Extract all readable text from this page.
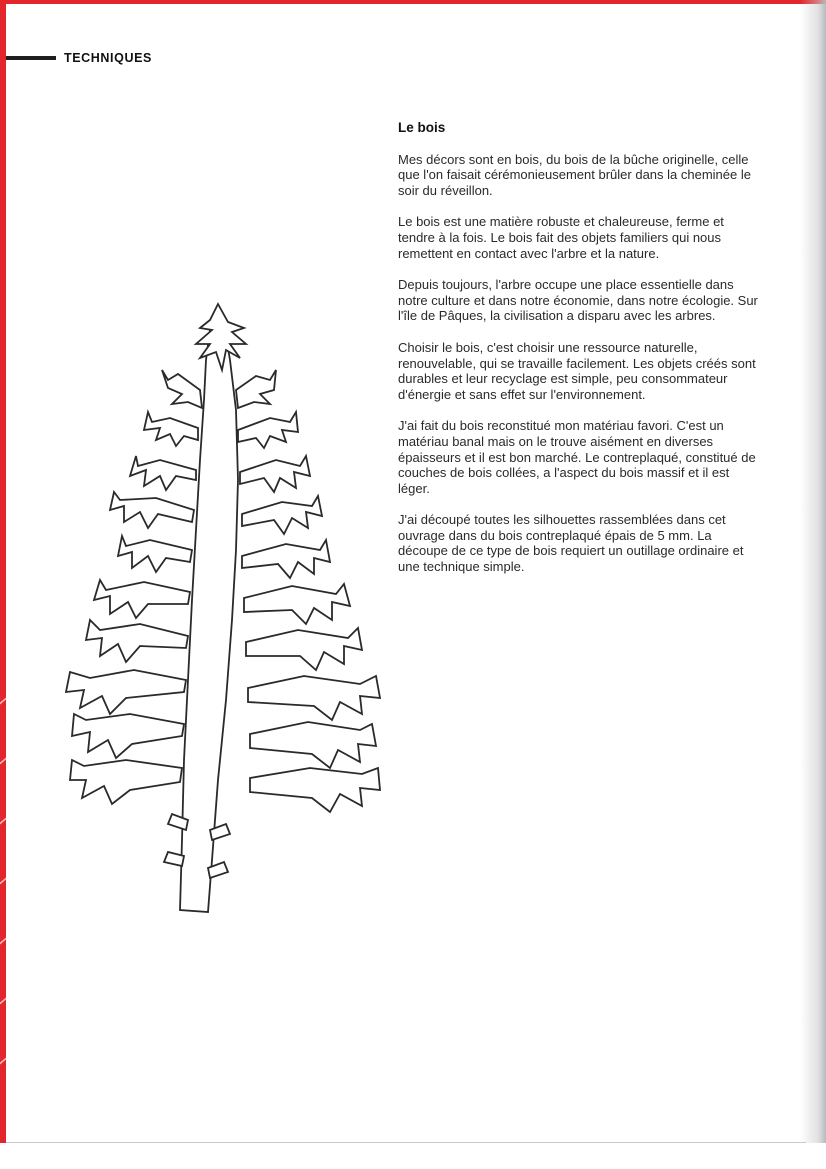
TECHNIQUES
Le bois

Mes décors sont en bois, du bois de la bûche originelle, celle que l'on faisait cérémonieusement brûler dans la cheminée le soir du réveillon.

Le bois est une matière robuste et chaleureuse, ferme et tendre à la fois. Le bois fait des objets familiers qui nous remettent en contact avec l'arbre et la nature.

Depuis toujours, l'arbre occupe une place essentielle dans notre culture et dans notre économie, dans notre écologie. Sur l'île de Pâques, la civilisation a disparu avec les arbres.

Choisir le bois, c'est choisir une ressource naturelle, renouvelable, qui se travaille facilement. Les objets créés sont durables et leur recyclage est simple, peu consommateur d'énergie et sans effet sur l'environnement.

J'ai fait du bois reconstitué mon matériau favori. C'est un matériau banal mais on le trouve aisément en diverses épaisseurs et il est bon marché. Le contreplaqué, constitué de couches de bois collées, a l'aspect du bois massif et il est léger.

J'ai découpé toutes les silhouettes rassemblées dans cet ouvrage dans du bois contreplaqué épais de 5 mm. La découpe de ce type de bois requiert un outillage ordinaire et une technique simple.
